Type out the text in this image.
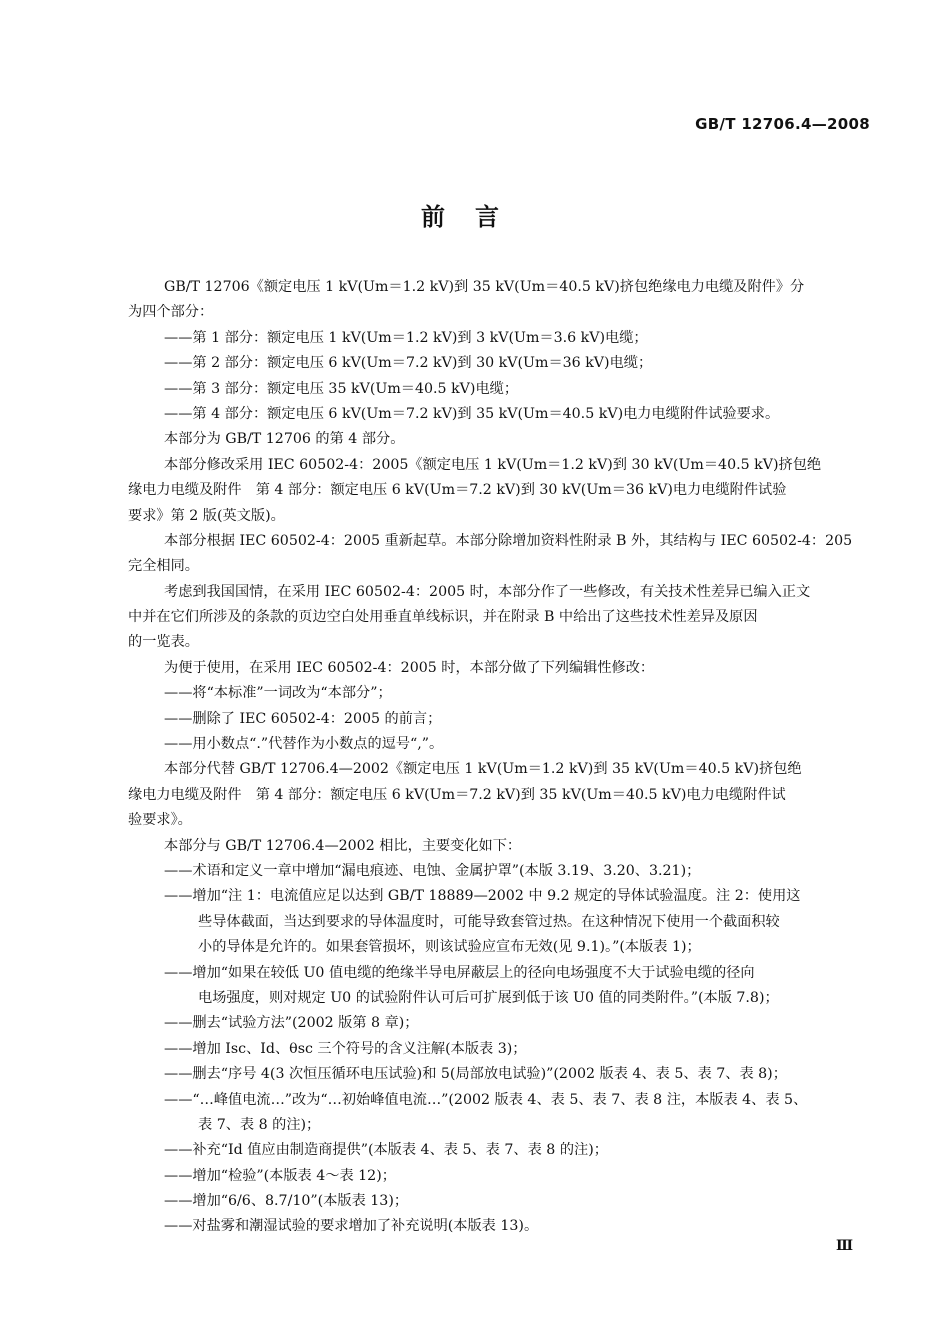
GB/T 12706.4—2008
前言
GB/T 12706《额定电压 1 kV(Um＝1.2 kV)到 35 kV(Um＝40.5 kV)挤包绝缘电力电缆及附件》分
为四个部分：
——第 1 部分：额定电压 1 kV(Um＝1.2 kV)到 3 kV(Um＝3.6 kV)电缆；
——第 2 部分：额定电压 6 kV(Um＝7.2 kV)到 30 kV(Um＝36 kV)电缆；
——第 3 部分：额定电压 35 kV(Um＝40.5 kV)电缆；
——第 4 部分：额定电压 6 kV(Um＝7.2 kV)到 35 kV(Um＝40.5 kV)电力电缆附件试验要求。
本部分为 GB/T 12706 的第 4 部分。
本部分修改采用 IEC 60502-4：2005《额定电压 1 kV(Um＝1.2 kV)到 30 kV(Um＝40.5 kV)挤包绝
缘电力电缆及附件　第 4 部分：额定电压 6 kV(Um＝7.2 kV)到 30 kV(Um＝36 kV)电力电缆附件试验
要求》第 2 版(英文版)。
本部分根据 IEC 60502-4：2005 重新起草。本部分除增加资料性附录 B 外，其结构与 IEC 60502-4：205
完全相同。
考虑到我国国情，在采用 IEC 60502-4：2005 时，本部分作了一些修改，有关技术性差异已编入正文
中并在它们所涉及的条款的页边空白处用垂直单线标识，并在附录 B 中给出了这些技术性差异及原因
的一览表。
为便于使用，在采用 IEC 60502-4：2005 时，本部分做了下列编辑性修改：
——将“本标准”一词改为“本部分”；
——删除了 IEC 60502-4：2005 的前言；
——用小数点“.”代替作为小数点的逗号“,”。
本部分代替 GB/T 12706.4—2002《额定电压 1 kV(Um＝1.2 kV)到 35 kV(Um＝40.5 kV)挤包绝
缘电力电缆及附件　第 4 部分：额定电压 6 kV(Um＝7.2 kV)到 35 kV(Um＝40.5 kV)电力电缆附件试
验要求》。
本部分与 GB/T 12706.4—2002 相比，主要变化如下：
——术语和定义一章中增加“漏电痕迹、电蚀、金属护罩”(本版 3.19、3.20、3.21)；
——增加“注 1：电流值应足以达到 GB/T 18889—2002 中 9.2 规定的导体试验温度。注 2：使用这
些导体截面，当达到要求的导体温度时，可能导致套管过热。在这种情况下使用一个截面积较
小的导体是允许的。如果套管损坏，则该试验应宣布无效(见 9.1)。”(本版表 1)；
——增加“如果在较低 U0 值电缆的绝缘半导电屏蔽层上的径向电场强度不大于试验电缆的径向
电场强度，则对规定 U0 的试验附件认可后可扩展到低于该 U0 值的同类附件。”(本版 7.8)；
——删去“试验方法”(2002 版第 8 章)；
——增加 Isc、Id、θsc 三个符号的含义注解(本版表 3)；
——删去“序号 4(3 次恒压循环电压试验)和 5(局部放电试验)”(2002 版表 4、表 5、表 7、表 8)；
——“…峰值电流…”改为“…初始峰值电流…”(2002 版表 4、表 5、表 7、表 8 注，本版表 4、表 5、
表 7、表 8 的注)；
——补充“Id 值应由制造商提供”(本版表 4、表 5、表 7、表 8 的注)；
——增加“检验”(本版表 4～表 12)；
——增加“6/6、8.7/10”(本版表 13)；
——对盐雾和潮湿试验的要求增加了补充说明(本版表 13)。
Ⅲ
